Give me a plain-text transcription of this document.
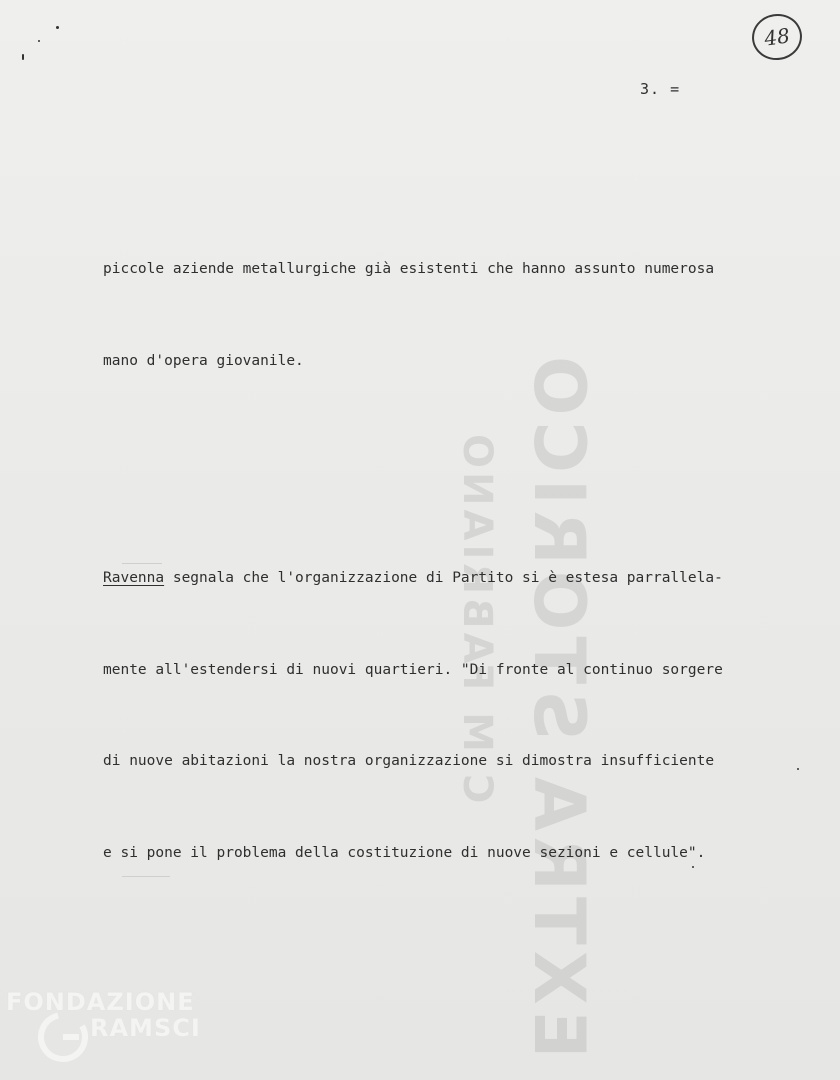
EXTRA STORICO
C M FABRIANO
48
3. =

piccole aziende metallurgiche già esistenti che hanno assunto numerosa

mano d'opera giovanile.

Ravenna segnala che l'organizzazione di Partito si è estesa parrallela-

mente all'estendersi di nuovi quartieri. "Di fronte al continuo sorgere

di nuove abitazioni la nostra organizzazione si dimostra insufficiente

e si pone il problema della costituzione di nuove sezioni e cellule".

FONDAZIONE
RAMSCI
